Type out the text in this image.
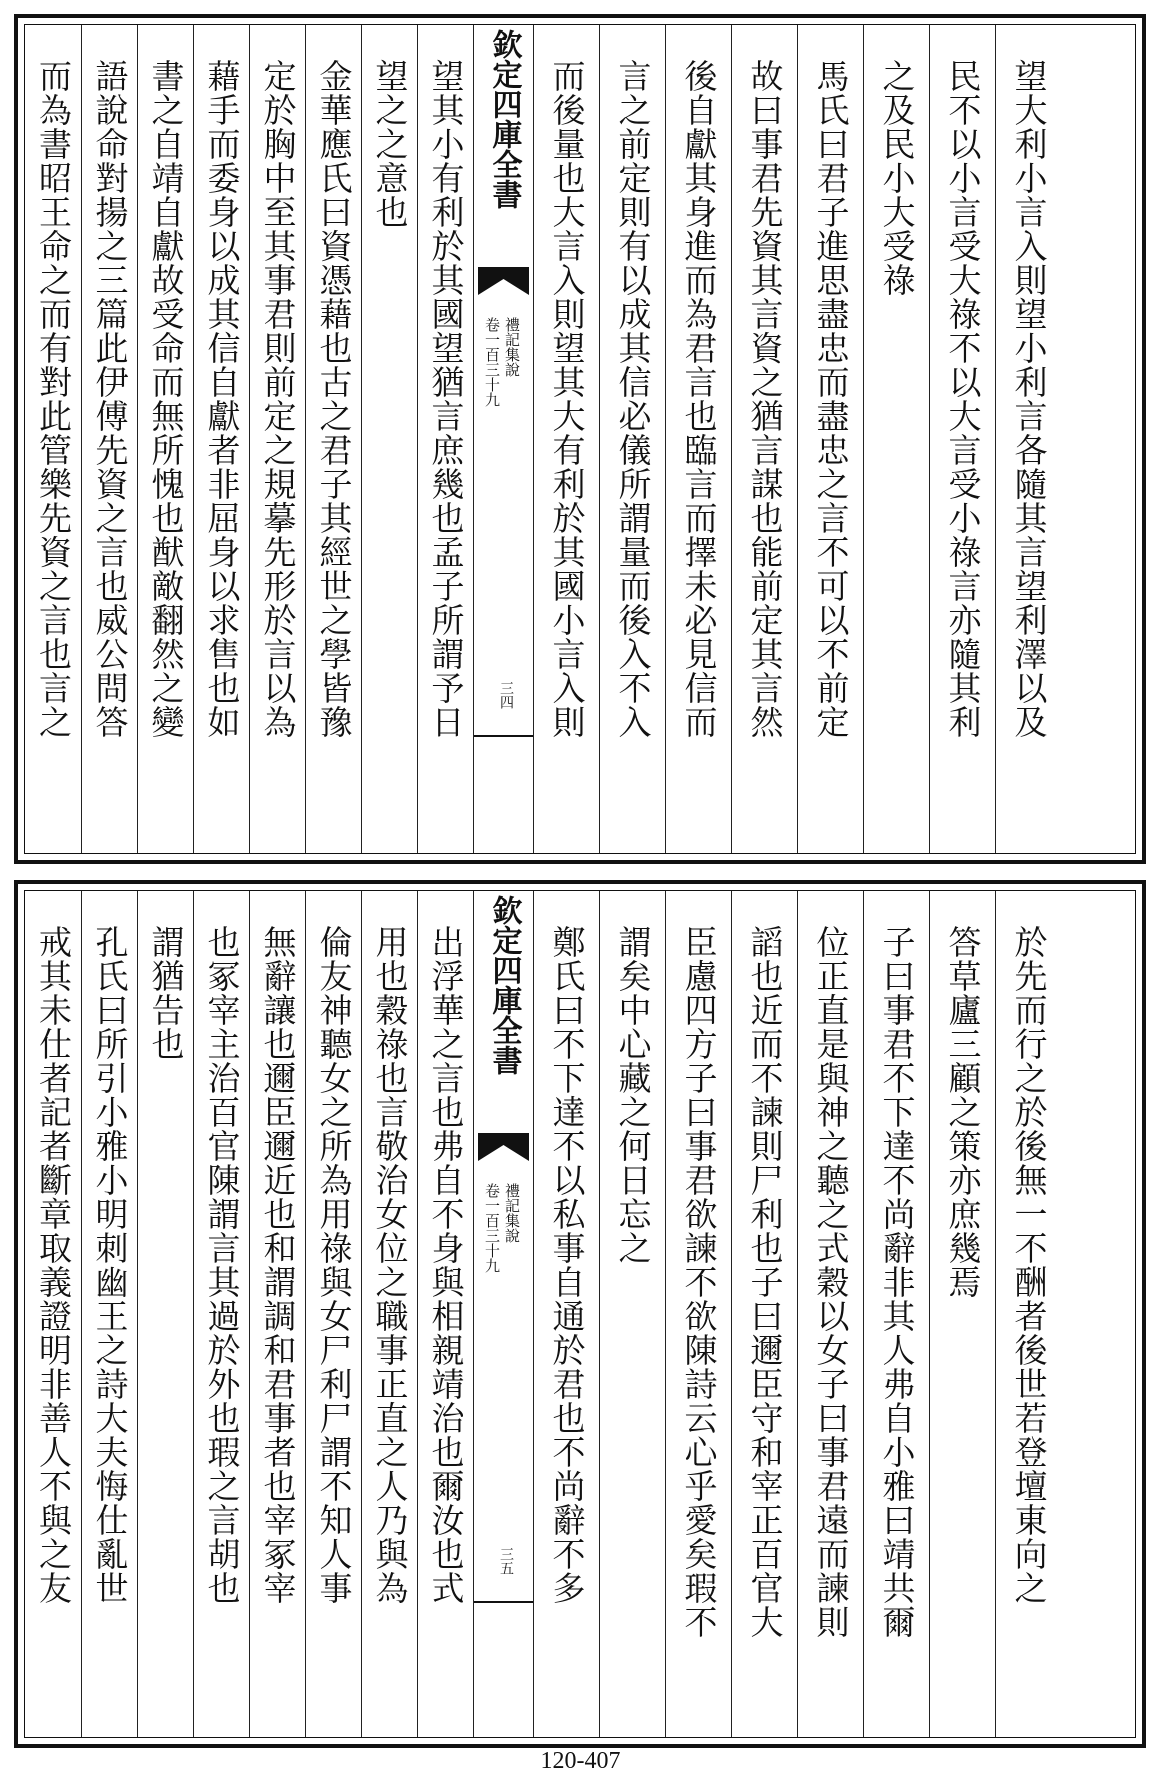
而為書昭王命之而有對此管樂先資之言也言之 語說命對揚之三篇此伊傅先資之言也威公問答 書之自靖自獻故受命而無所愧也猷敵翻然之變 藉手而委身以成其信自獻者非屈身以求售也如 定於胸中至其事君則前定之規摹先形於言以為 金華應氏曰資憑藉也古之君子其經世之學皆豫 望之之意也 望其小有利於其國望猶言庶幾也孟子所謂予日 欽定四庫全書
禮記集說
卷一百三十九
三四	而後量也大言入則望其大有利於其國小言入則 言之前定則有以成其信必儀所謂量而後入不入 後自獻其身進而為君言也臨言而擇未必見信而 故曰事君先資其言資之猶言謀也能前定其言然 馬氏曰君子進思盡忠而盡忠之言不可以不前定 之及民小大受祿 民不以小言受大祿不以大言受小祿言亦隨其利 望大利小言入則望小利言各隨其言望利澤以及
戒其未仕者記者斷章取義證明非善人不與之友 孔氏曰所引小雅小明刺幽王之詩大夫悔仕亂世 謂猶告也 也冢宰主治百官陳謂言其過於外也瑕之言胡也 無辭讓也邇臣邇近也和謂調和君事者也宰冢宰 倫友神聽女之所為用祿與女尸利尸謂不知人事 用也穀祿也言敬治女位之職事正直之人乃與為 出浮華之言也弗自不身與相親靖治也爾汝也式 欽定四庫全書
禮記集說
卷一百三十九
三五	鄭氏曰不下達不以私事自通於君也不尚辭不多 謂矣中心藏之何日忘之 臣慮四方子曰事君欲諫不欲陳詩云心乎愛矣瑕不 謟也近而不諫則尸利也子曰邇臣守和宰正百官大 位正直是與神之聽之式穀以女子曰事君遠而諫則 子曰事君不下達不尚辭非其人弗自小雅曰靖共爾 答草廬三顧之策亦庶幾焉 於先而行之於後無一不酬者後世若登壇東向之
120-407
